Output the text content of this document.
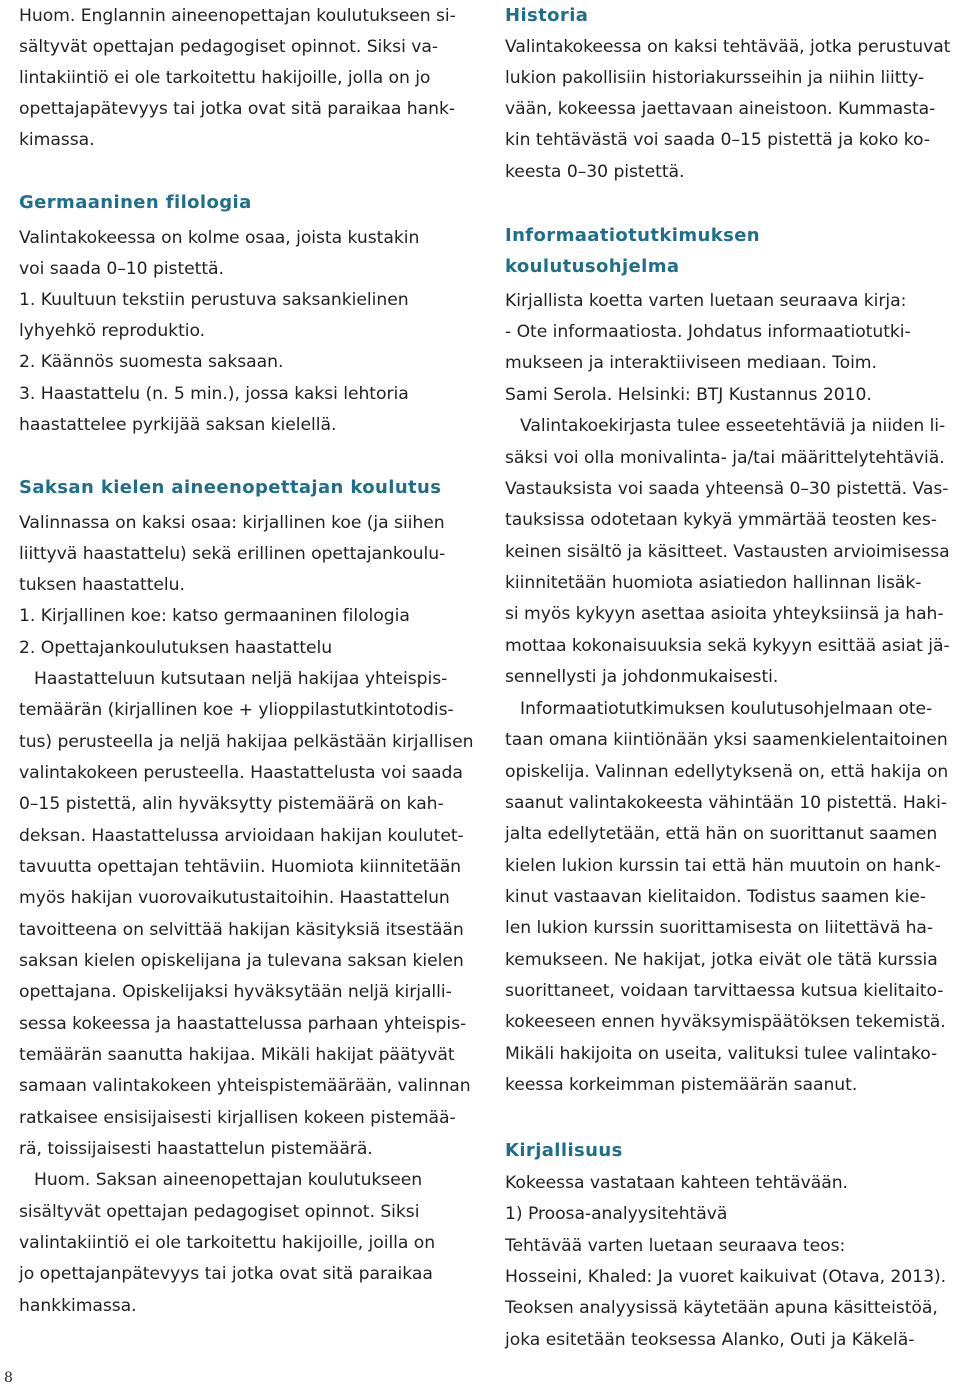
Huom. Englannin aineenopettajan koulutukseen si-
sältyvät opettajan pedagogiset opinnot. Siksi va-
lintakiintiö ei ole tarkoitettu hakijoille, jolla on jo
opettajapätevyys tai jotka ovat sitä paraikaa hank-
kimassa.
Germaaninen filologia
Valintakokeessa on kolme osaa, joista kustakin
voi saada 0–10 pistettä.
1. Kuultuun tekstiin perustuva saksankielinen
lyhyehkö reproduktio.
2. Käännös suomesta saksaan.
3. Haastattelu (n. 5 min.), jossa kaksi lehtoria
haastattelee pyrkijää saksan kielellä.
Saksan kielen aineenopettajan koulutus
Valinnassa on kaksi osaa: kirjallinen koe (ja siihen
liittyvä haastattelu) sekä erillinen opettajankoulu-
tuksen haastattelu.
1. Kirjallinen koe: katso germaaninen filologia
2. Opettajankoulutuksen haastattelu
Haastatteluun kutsutaan neljä hakijaa yhteispis-
temäärän (kirjallinen koe + ylioppilastutkintotodis-
tus) perusteella ja neljä hakijaa pelkästään kirjallisen
valintakokeen perusteella. Haastattelusta voi saada
0–15 pistettä, alin hyväksytty pistemäärä on kah-
deksan. Haastattelussa arvioidaan hakijan koulutet-
tavuutta opettajan tehtäviin. Huomiota kiinnitetään
myös hakijan vuorovaikutustaitoihin. Haastattelun
tavoitteena on selvittää hakijan käsityksiä itsestään
saksan kielen opiskelijana ja tulevana saksan kielen
opettajana. Opiskelijaksi hyväksytään neljä kirjalli-
sessa kokeessa ja haastattelussa parhaan yhteispis-
temäärän saanutta hakijaa. Mikäli hakijat päätyvät
samaan valintakokeen yhteispistemäärään, valinnan
ratkaisee ensisijaisesti kirjallisen kokeen pistemää-
rä, toissijaisesti haastattelun pistemäärä.
Huom. Saksan aineenopettajan koulutukseen
sisältyvät opettajan pedagogiset opinnot. Siksi
valintakiintiö ei ole tarkoitettu hakijoille, joilla on
jo opettajanpätevyys tai jotka ovat sitä paraikaa
hankkimassa.
Historia
Valintakokeessa on kaksi tehtävää, jotka perustuvat
lukion pakollisiin historiakursseihin ja niihin liitty-
vään, kokeessa jaettavaan aineistoon. Kummasta-
kin tehtävästä voi saada 0–15 pistettä ja koko ko-
keesta 0–30 pistettä.
Informaatiotutkimuksen
koulutusohjelma
Kirjallista koetta varten luetaan seuraava kirja:
- Ote informaatiosta. Johdatus informaatiotutki-
mukseen ja interaktiiviseen mediaan. Toim.
Sami Serola. Helsinki: BTJ Kustannus 2010.
Valintakoekirjasta tulee esseetehtäviä ja niiden li-
säksi voi olla monivalinta- ja/tai määrittelytehtäviä.
Vastauksista voi saada yhteensä 0–30 pistettä. Vas-
tauksissa odotetaan kykyä ymmärtää teosten kes-
keinen sisältö ja käsitteet. Vastausten arvioimisessa
kiinnitetään huomiota asiatiedon hallinnan lisäk-
si myös kykyyn asettaa asioita yhteyksiinsä ja hah-
mottaa kokonaisuuksia sekä kykyyn esittää asiat jä-
sennellysti ja johdonmukaisesti.
Informaatiotutkimuksen koulutusohjelmaan ote-
taan omana kiintiönään yksi saamenkielentaitoinen
opiskelija. Valinnan edellytyksenä on, että hakija on
saanut valintakokeesta vähintään 10 pistettä. Haki-
jalta edellytetään, että hän on suorittanut saamen
kielen lukion kurssin tai että hän muutoin on hank-
kinut vastaavan kielitaidon. Todistus saamen kie-
len lukion kurssin suorittamisesta on liitettävä ha-
kemukseen. Ne hakijat, jotka eivät ole tätä kurssia
suorittaneet, voidaan tarvittaessa kutsua kielitaito-
kokeeseen ennen hyväksymispäätöksen tekemistä.
Mikäli hakijoita on useita, valituksi tulee valintako-
keessa korkeimman pistemäärän saanut.
Kirjallisuus
Kokeessa vastataan kahteen tehtävään.
1) Proosa-analyysitehtävä
Tehtävää varten luetaan seuraava teos:
Hosseini, Khaled: Ja vuoret kaikuivat (Otava, 2013).
Teoksen analyysissä käytetään apuna käsitteistöä,
joka esitetään teoksessa Alanko, Outi ja Käkelä-
8
